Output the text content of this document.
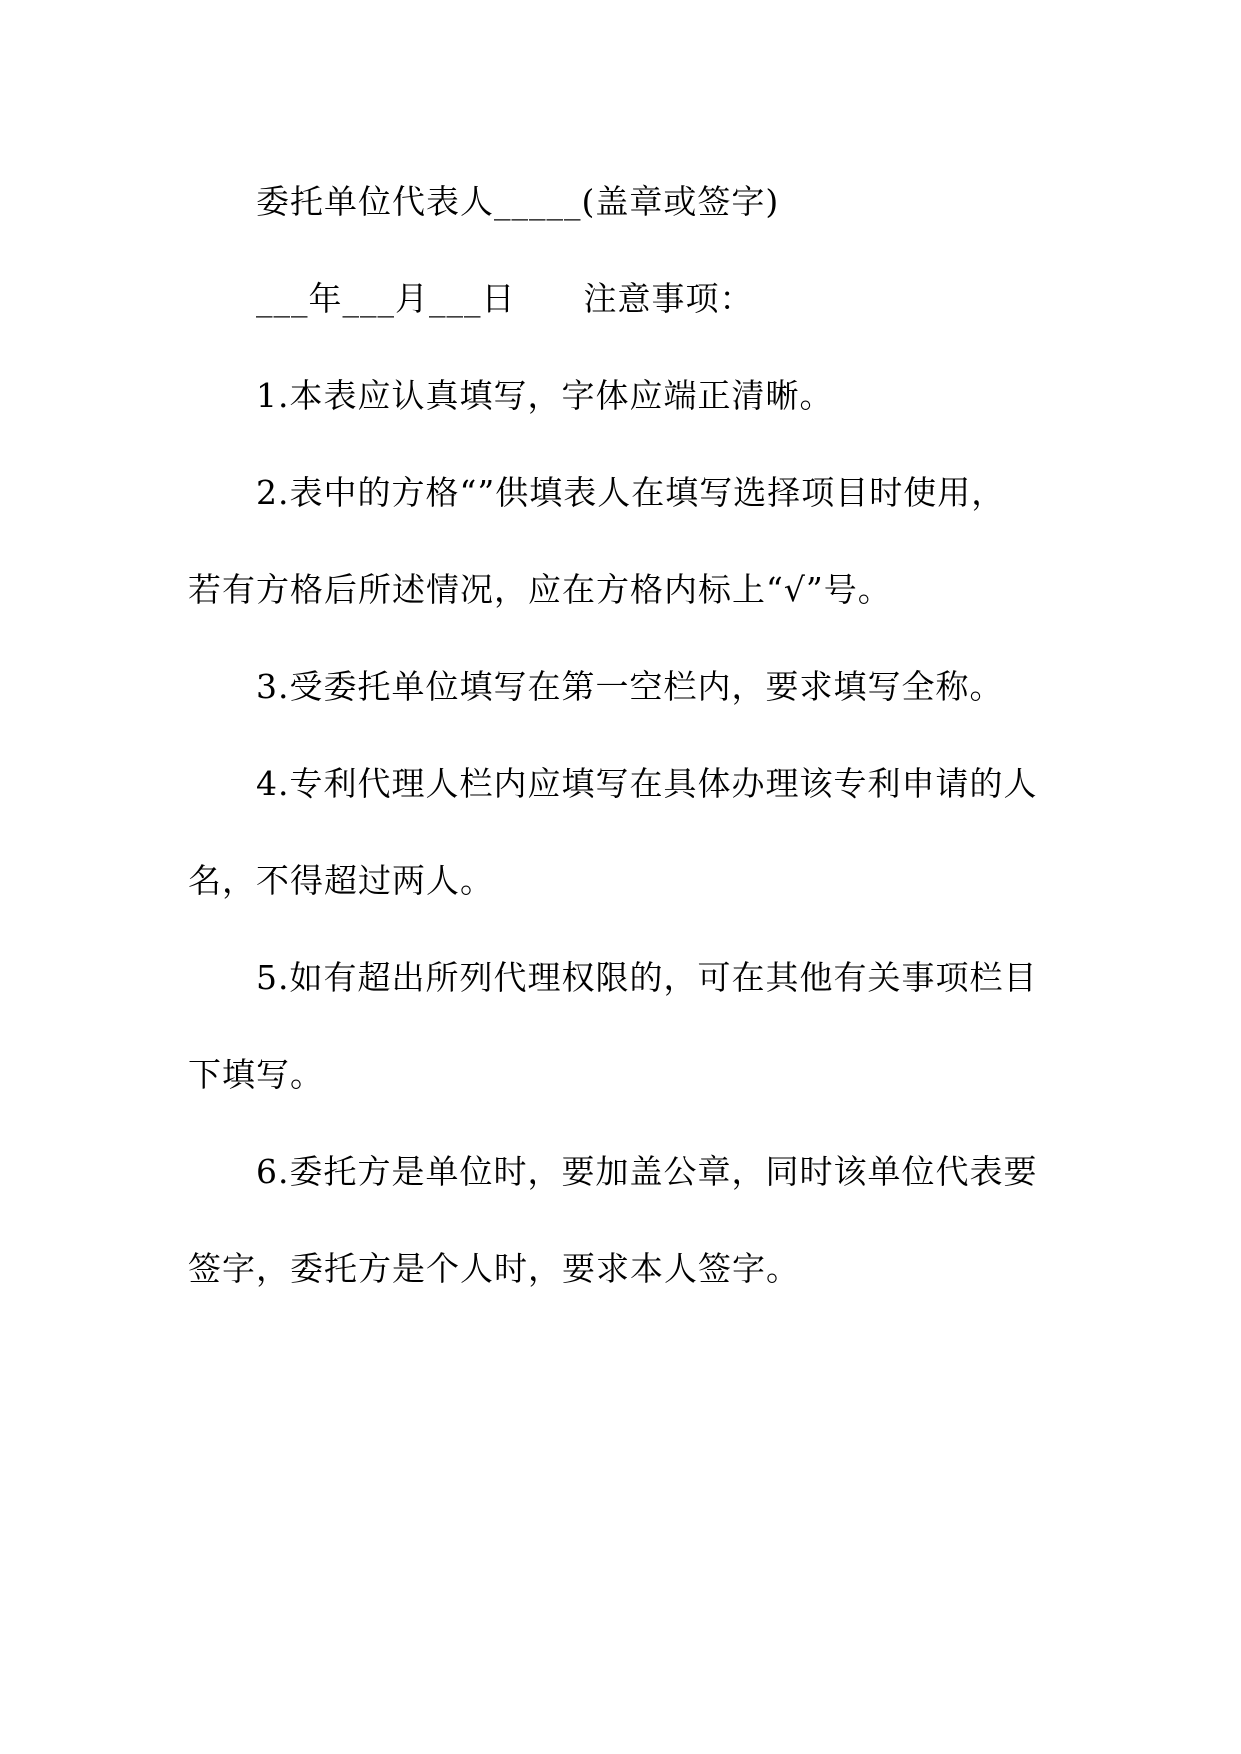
委托单位代表人_____(盖章或签字)
___年___月___日　　注意事项：
1.本表应认真填写，字体应端正清晰。
2.表中的方格“”供填表人在填写选择项目时使用，
若有方格后所述情况，应在方格内标上“√”号。
3.受委托单位填写在第一空栏内，要求填写全称。
4.专利代理人栏内应填写在具体办理该专利申请的人
名，不得超过两人。
5.如有超出所列代理权限的，可在其他有关事项栏目
下填写。
6.委托方是单位时，要加盖公章，同时该单位代表要
签字，委托方是个人时，要求本人签字。
